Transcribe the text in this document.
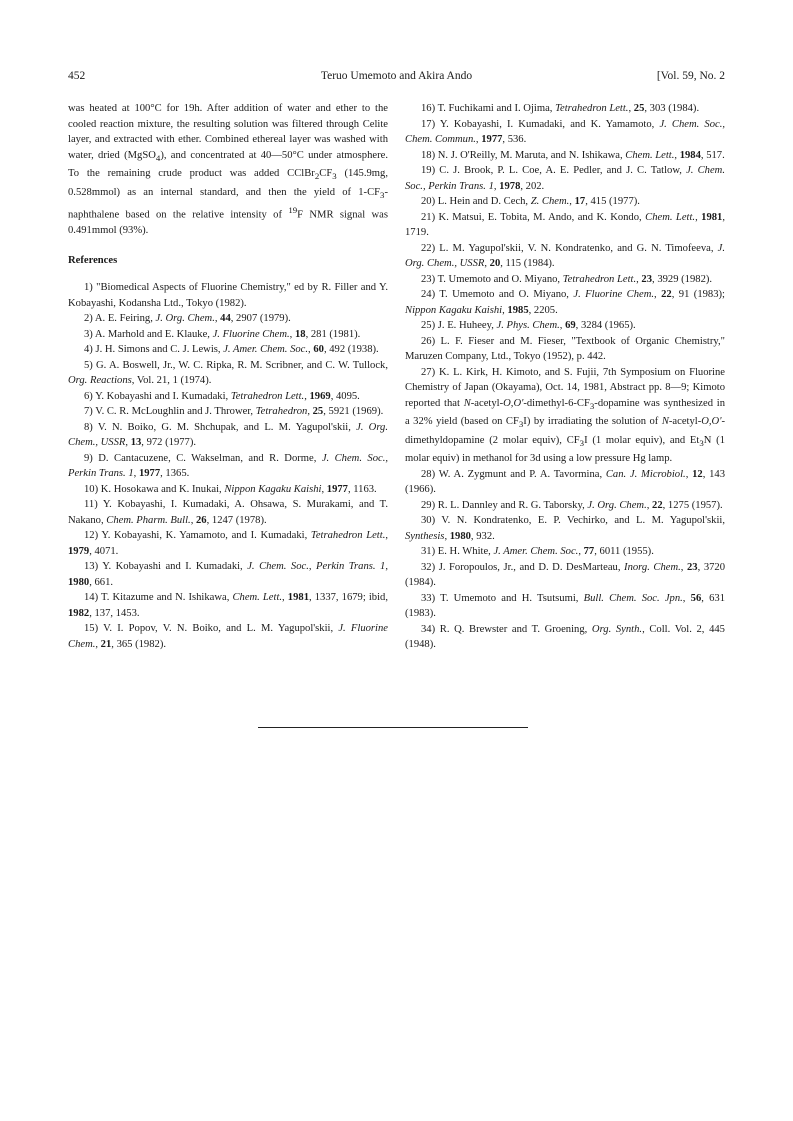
452	Teruo Umemoto and Akira Ando	[Vol. 59, No. 2

was heated at 100°C for 19h. After addition of water and ether to the cooled reaction mixture, the resulting solution was filtered through Celite layer, and extracted with ether. Combined ethereal layer was washed with water, dried (MgSO$_4$), and concentrated at 40—50°C under atmosphere. To the remaining crude product was added $CClBr_2CF_3$ (145.9mg, 0.528mmol) as an internal standard, and then the yield of $1-CF_3$-naphthalene based on the relative intensity of $^{19}$F NMR signal was 0.491mmol (93%).

References

1) "Biomedical Aspects of Fluorine Chemistry," ed by R. Filler and Y. Kobayashi, Kodansha Ltd., Tokyo (1982).

2) A. E. Feiring, J. Org. Chem., 44, 2907 (1979).

3) A. Marhold and E. Klauke, J. Fluorine Chem., 18, 281 (1981).

4) J. H. Simons and C. J. Lewis, J. Amer. Chem. Soc., 60, 492 (1938).

5) G. A. Boswell, Jr., W. C. Ripka, R. M. Scribner, and C. W. Tullock, Org. Reactions, Vol. 21, 1 (1974).

6) Y. Kobayashi and I. Kumadaki, Tetrahedron Lett., 1969, 4095.

7) V. C. R. McLoughlin and J. Thrower, Tetrahedron, 25, 5921 (1969).

8) V. N. Boiko, G. M. Shchupak, and L. M. Yagupol'skii, J. Org. Chem., USSR, 13, 972 (1977).

9) D. Cantacuzene, C. Wakselman, and R. Dorme, J. Chem. Soc., Perkin Trans. 1, 1977, 1365.

10) K. Hosokawa and K. Inukai, Nippon Kagaku Kaishi, 1977, 1163.

11) Y. Kobayashi, I. Kumadaki, A. Ohsawa, S. Murakami, and T. Nakano, Chem. Pharm. Bull., 26, 1247 (1978).

12) Y. Kobayashi, K. Yamamoto, and I. Kumadaki, Tetrahedron Lett., 1979, 4071.

13) Y. Kobayashi and I. Kumadaki, J. Chem. Soc., Perkin Trans. 1, 1980, 661.

14) T. Kitazume and N. Ishikawa, Chem. Lett., 1981, 1337, 1679; ibid, 1982, 137, 1453.

15) V. I. Popov, V. N. Boiko, and L. M. Yagupol'skii, J. Fluorine Chem., 21, 365 (1982).

16) T. Fuchikami and I. Ojima, Tetrahedron Lett., 25, 303 (1984).

17) Y. Kobayashi, I. Kumadaki, and K. Yamamoto, J. Chem. Soc., Chem. Commun., 1977, 536.

18) N. J. O'Reilly, M. Maruta, and N. Ishikawa, Chem. Lett., 1984, 517.

19) C. J. Brook, P. L. Coe, A. E. Pedler, and J. C. Tatlow, J. Chem. Soc., Perkin Trans. 1, 1978, 202.

20) L. Hein and D. Cech, Z. Chem., 17, 415 (1977).

21) K. Matsui, E. Tobita, M. Ando, and K. Kondo, Chem. Lett., 1981, 1719.

22) L. M. Yagupol'skii, V. N. Kondratenko, and G. N. Timofeeva, J. Org. Chem., USSR, 20, 115 (1984).

23) T. Umemoto and O. Miyano, Tetrahedron Lett., 23, 3929 (1982).

24) T. Umemoto and O. Miyano, J. Fluorine Chem., 22, 91 (1983); Nippon Kagaku Kaishi, 1985, 2205.

25) J. E. Huheey, J. Phys. Chem., 69, 3284 (1965).

26) L. F. Fieser and M. Fieser, "Textbook of Organic Chemistry," Maruzen Company, Ltd., Tokyo (1952), p. 442.

27) K. L. Kirk, H. Kimoto, and S. Fujii, 7th Symposium on Fluorine Chemistry of Japan (Okayama), Oct. 14, 1981, Abstract pp. 8—9; Kimoto reported that $N-acetyl-O,O'-dimethyl-6-CF_3$-dopamine was synthesized in a 32% yield (based on $CF_3I$) by irradiating the solution of N-acetyl-O,O'-dimethyldopamine (2 molar equiv), $CF_3I$ (1 molar equiv), and $Et_3N$ (1 molar equiv) in methanol for 3d using a low pressure Hg lamp.

28) W. A. Zygmunt and P. A. Tavormina, Can. J. Microbiol., 12, 143 (1966).

29) R. L. Dannley and R. G. Taborsky, J. Org. Chem., 22, 1275 (1957).

30) V. N. Kondratenko, E. P. Vechirko, and L. M. Yagupol'skii, Synthesis, 1980, 932.

31) E. H. White, J. Amer. Chem. Soc., 77, 6011 (1955).

32) J. Foropoulos, Jr., and D. D. DesMarteau, Inorg. Chem., 23, 3720 (1984).

33) T. Umemoto and H. Tsutsumi, Bull. Chem. Soc. Jpn., 56, 631 (1983).

34) R. Q. Brewster and T. Groening, Org. Synth., Coll. Vol. 2, 445 (1948).
